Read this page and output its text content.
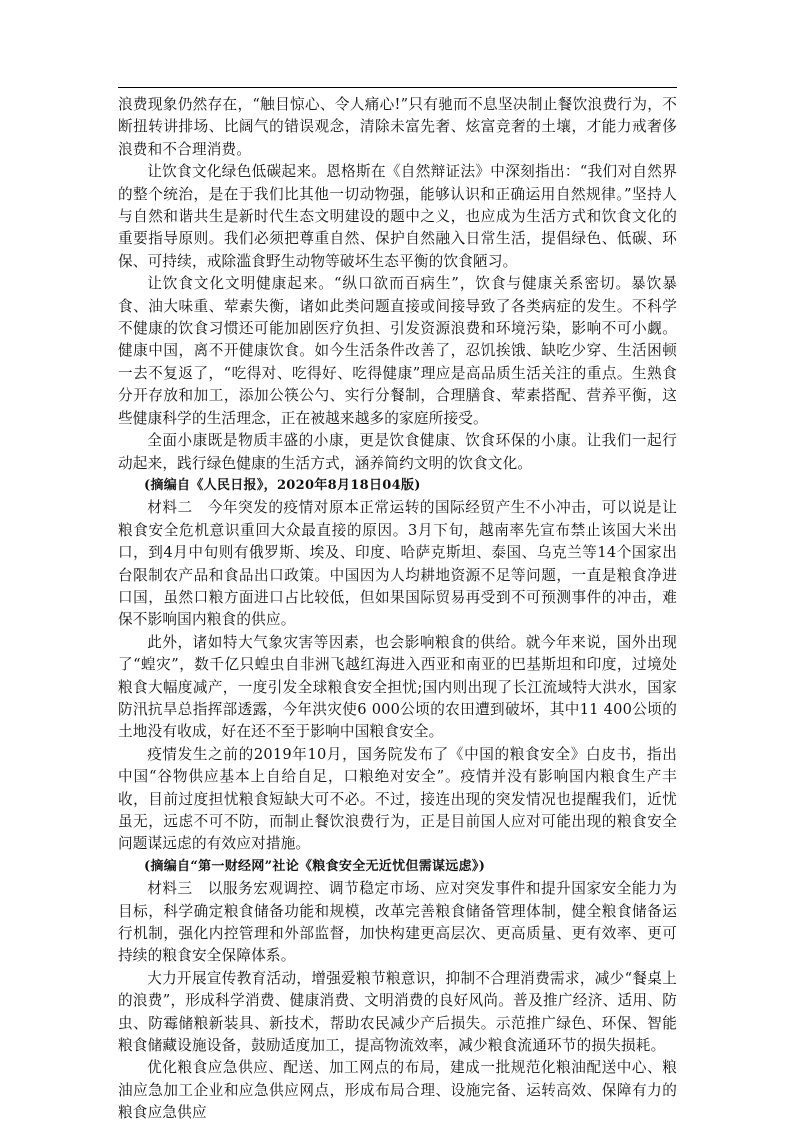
浪费现象仍然存在，“触目惊心、令人痛心!”只有驰而不息坚决制止餐饮浪费行为，不断扭转讲排场、比阔气的错误观念，清除未富先奢、炫富竞奢的土壤，才能力戒奢侈浪费和不合理消费。

让饮食文化绿色低碳起来。恩格斯在《自然辩证法》中深刻指出：“我们对自然界的整个统治，是在于我们比其他一切动物强，能够认识和正确运用自然规律。”坚持人与自然和谐共生是新时代生态文明建设的题中之义，也应成为生活方式和饮食文化的重要指导原则。我们必须把尊重自然、保护自然融入日常生活，提倡绿色、低碳、环保、可持续，戒除滥食野生动物等破坏生态平衡的饮食陋习。

让饮食文化文明健康起来。“纵口欲而百病生”，饮食与健康关系密切。暴饮暴食、油大味重、荤素失衡，诸如此类问题直接或间接导致了各类病症的发生。不科学不健康的饮食习惯还可能加剧医疗负担、引发资源浪费和环境污染，影响不可小觑。健康中国，离不开健康饮食。如今生活条件改善了，忍饥挨饿、缺吃少穿、生活困顿一去不复返了，“吃得对、吃得好、吃得健康”理应是高品质生活关注的重点。生熟食分开存放和加工，添加公筷公勺、实行分餐制，合理膳食、荤素搭配、营养平衡，这些健康科学的生活理念，正在被越来越多的家庭所接受。

全面小康既是物质丰盛的小康，更是饮食健康、饮食环保的小康。让我们一起行动起来，践行绿色健康的生活方式，涵养简约文明的饮食文化。

(摘编自《人民日报》，2020年8月18日04版)

材料二　今年突发的疫情对原本正常运转的国际经贸产生不小冲击，可以说是让粮食安全危机意识重回大众最直接的原因。3月下旬，越南率先宣布禁止该国大米出口，到4月中旬则有俄罗斯、埃及、印度、哈萨克斯坦、泰国、乌克兰等14个国家出台限制农产品和食品出口政策。中国因为人均耕地资源不足等问题，一直是粮食净进口国，虽然口粮方面进口占比较低，但如果国际贸易再受到不可预测事件的冲击，难保不影响国内粮食的供应。

此外，诸如特大气象灾害等因素，也会影响粮食的供给。就今年来说，国外出现了“蝗灾”，数千亿只蝗虫自非洲飞越红海进入西亚和南亚的巴基斯坦和印度，过境处粮食大幅度减产，一度引发全球粮食安全担忧;国内则出现了长江流域特大洪水，国家防汛抗旱总指挥部透露，今年洪灾使6 000公顷的农田遭到破坏，其中11 400公顷的土地没有收成，好在还不至于影响中国粮食安全。

疫情发生之前的2019年10月，国务院发布了《中国的粮食安全》白皮书，指出中国“谷物供应基本上自给自足，口粮绝对安全”。疫情并没有影响国内粮食生产丰收，目前过度担忧粮食短缺大可不必。不过，接连出现的突发情况也提醒我们，近忧虽无，远虑不可不防，而制止餐饮浪费行为，正是目前国人应对可能出现的粮食安全问题谋远虑的有效应对措施。

(摘编自“第一财经网”社论《粮食安全无近忧但需谋远虑》)

材料三　以服务宏观调控、调节稳定市场、应对突发事件和提升国家安全能力为目标，科学确定粮食储备功能和规模，改革完善粮食储备管理体制，健全粮食储备运行机制，强化内控管理和外部监督，加快构建更高层次、更高质量、更有效率、更可持续的粮食安全保障体系。

大力开展宣传教育活动，增强爱粮节粮意识，抑制不合理消费需求，减少“餐桌上的浪费”，形成科学消费、健康消费、文明消费的良好风尚。普及推广经济、适用、防虫、防霉储粮新装具、新技术，帮助农民减少产后损失。示范推广绿色、环保、智能粮食储藏设施设备，鼓励适度加工，提高物流效率，减少粮食流通环节的损失损耗。

优化粮食应急供应、配送、加工网点的布局，建成一批规范化粮油配送中心、粮油应急加工企业和应急供应网点，形成布局合理、设施完备、运转高效、保障有力的粮食应急供应
